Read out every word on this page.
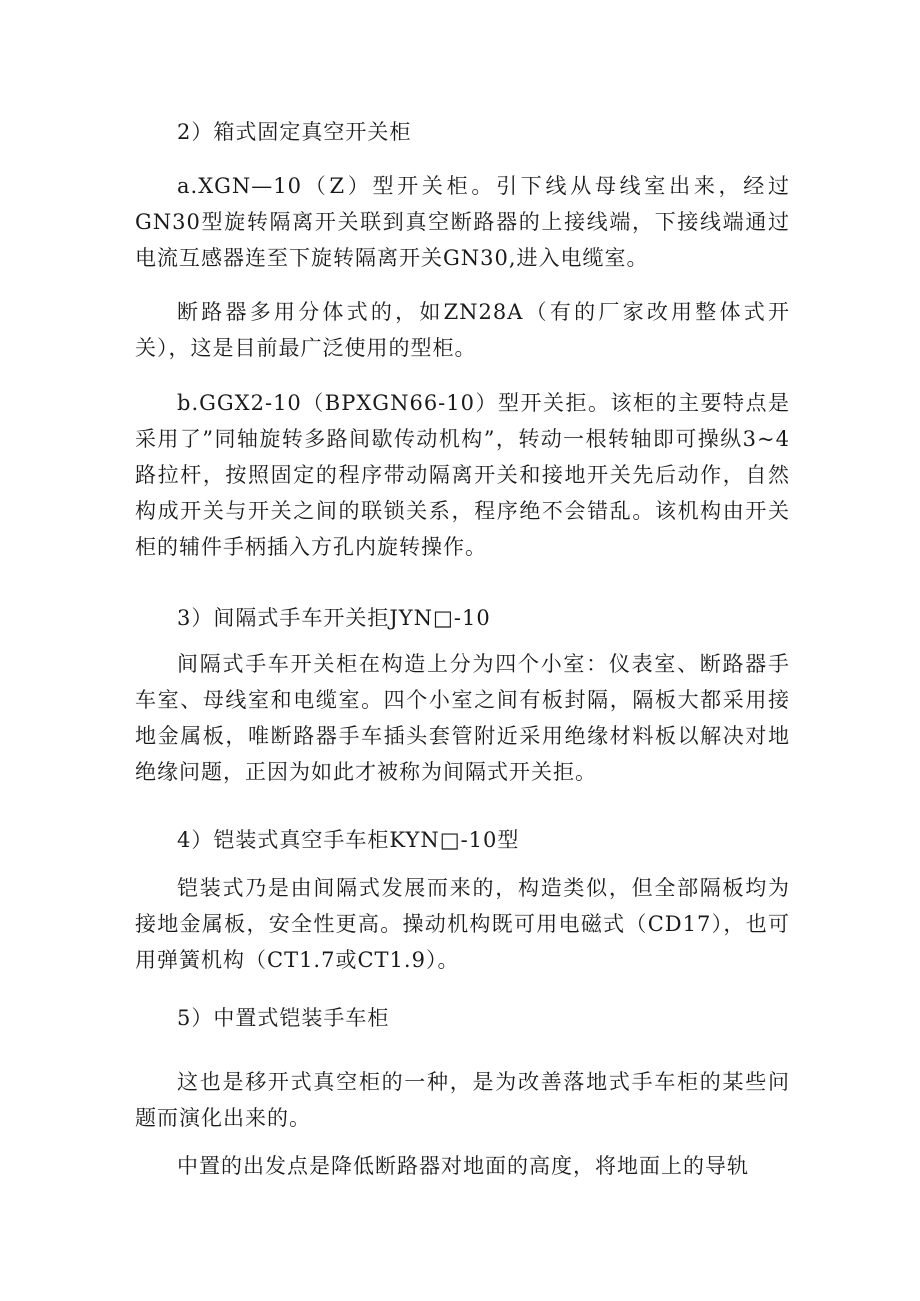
2）箱式固定真空开关柜

a.XGN—10（Z）型开关柜。引下线从母线室出来，经过GN30型旋转隔离开关联到真空断路器的上接线端，下接线端通过电流互感器连至下旋转隔离开关GN30,进入电缆室。

断路器多用分体式的，如ZN28A（有的厂家改用整体式开关），这是目前最广泛使用的型柜。

b.GGX2-10（BPXGN66-10）型开关拒。该柜的主要特点是采用了”同轴旋转多路间歇传动机构”，转动一根转轴即可操纵3~4路拉杆，按照固定的程序带动隔离开关和接地开关先后动作，自然构成开关与开关之间的联锁关系，程序绝不会错乱。该机构由开关柜的辅件手柄插入方孔内旋转操作。

3）间隔式手车开关拒JYN□-10

间隔式手车开关柜在构造上分为四个小室：仪表室、断路器手车室、母线室和电缆室。四个小室之间有板封隔，隔板大都采用接地金属板，唯断路器手车插头套管附近采用绝缘材料板以解决对地绝缘问题，正因为如此才被称为间隔式开关拒。

4）铠装式真空手车柜KYN□-10型

铠装式乃是由间隔式发展而来的，构造类似，但全部隔板均为接地金属板，安全性更高。操动机构既可用电磁式（CD17），也可用弹簧机构（CT1.7或CT1.9）。

5）中置式铠装手车柜

这也是移开式真空柜的一种，是为改善落地式手车柜的某些问题而演化出来的。

中置的出发点是降低断路器对地面的高度，将地面上的导轨
